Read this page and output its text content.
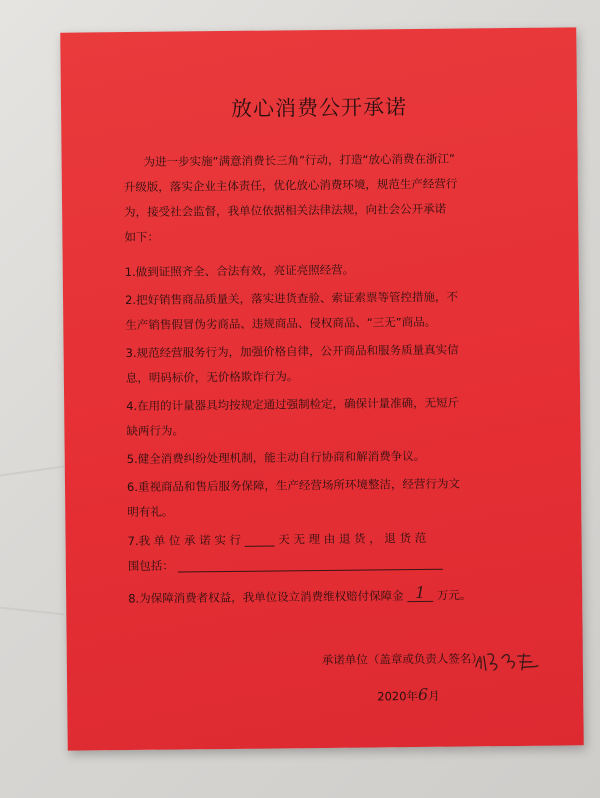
放心消费公开承诺
为进一步实施“满意消费长三角”行动，打造“放心消费在浙江”
升级版，落实企业主体责任，优化放心消费环境，规范生产经营行
为，接受社会监督，我单位依据相关法律法规，向社会公开承诺
如下：
1.做到证照齐全、合法有效，亮证亮照经营。
2.把好销售商品质量关，落实进货查验、索证索票等管控措施，不
生产销售假冒伪劣商品、违规商品、侵权商品、“三无”商品。
3.规范经营服务行为，加强价格自律，公开商品和服务质量真实信
息，明码标价，无价格欺诈行为。
4.在用的计量器具均按规定通过强制检定，确保计量准确，无短斤
缺两行为。
5.健全消费纠纷处理机制，能主动自行协商和解消费争议。
6.重视商品和售后服务保障，生产经营场所环境整洁，经营行为文
明有礼。
7.我 单 位 承 诺 实 行	天 无 理 由 退 货 ， 退 货 范
围包括：
8.为保障消费者权益，我单位设立消费维权赔付保障金 1 万元。
承诺单位（盖章或负责人签名）：
2020年6月
